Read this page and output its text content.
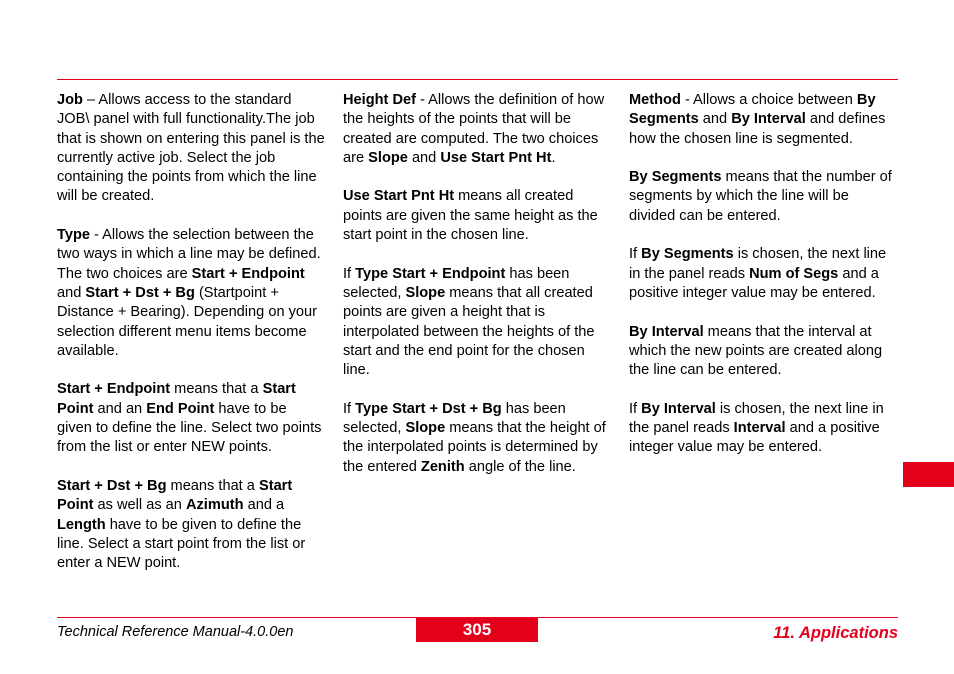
Job – Allows access to the standard JOB\ panel with full functionality.The job that is shown on entering this panel is the currently active job. Select the job containing the points from which the line will be created.

Type - Allows the selection between the two ways in which a line may be defined. The two choices are Start + Endpoint and Start + Dst + Bg (Startpoint + Distance + Bearing). Depending on your selection different menu items become available.

Start + Endpoint means that a Start Point and an End Point have to be given to define the line. Select two points from the list or enter NEW points.

Start + Dst + Bg means that a Start Point as well as an Azimuth and a Length have to be given to define the line. Select a start point from the list or enter a NEW point.

Height Def - Allows the definition of how the heights of the points that will be created are computed. The two choices are Slope and Use Start Pnt Ht.

Use Start Pnt Ht means all created points are given the same height as the start point in the chosen line.

If Type Start + Endpoint has been selected, Slope means that all created points are given a height that is interpolated between the heights of the start and the end point for the chosen line.

If Type Start + Dst + Bg has been selected, Slope means that the height of the interpolated points is determined by the entered Zenith angle of the line.

Method - Allows a choice between By Segments and By Interval and defines how the chosen line is segmented.

By Segments means that the number of segments by which the line will be divided can be entered.

If By Segments is chosen, the next line in the panel reads Num of Segs and a positive integer value may be entered.

By Interval means that the interval at which the new points are created along the line can be entered.

If By Interval is chosen, the next line in the panel reads Interval and a positive integer value may be entered.

Technical Reference Manual-4.0.0en	305	11. Applications
